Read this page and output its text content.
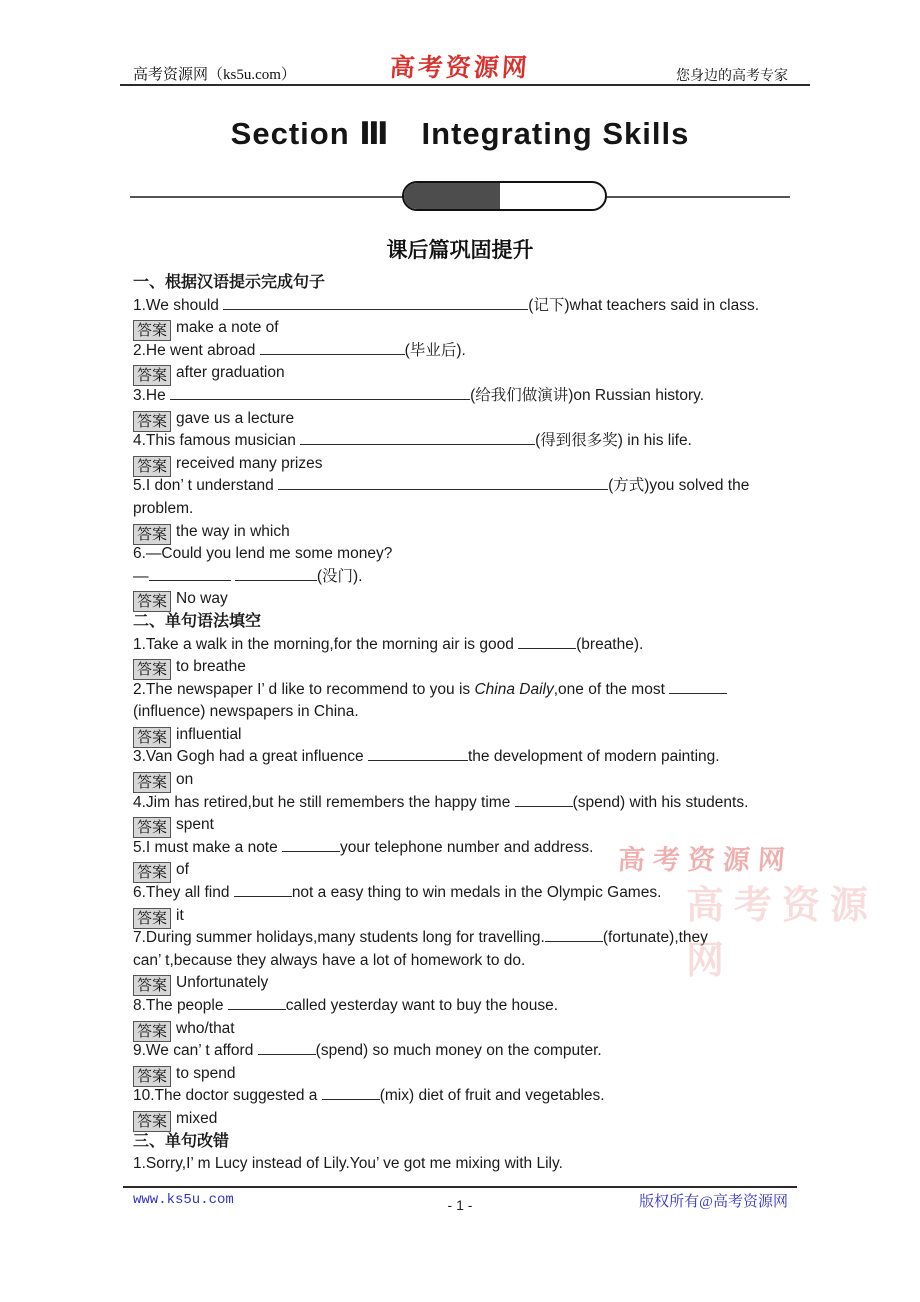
高考资源网（ks5u.com）	高考资源网	您身边的高考专家
Section Ⅲ　Integrating Skills
课后篇巩固提升
一、根据汉语提示完成句子
1.We should	(记下)what teachers said in class.
答案 make a note of
2.He went abroad	(毕业后).
答案 after graduation
3.He	(给我们做演讲)on Russian history.
答案 gave us a lecture
4.This famous musician	(得到很多奖) in his life.
答案 received many prizes
5.I don’ t understand	(方式)you solved the
problem.
答案 the way in which
6.—Could you lend me some money?
—	(没门).
答案 No way
二、单句语法填空
1.Take a walk in the morning,for the morning air is good	(breathe).
答案 to breathe
2.The newspaper I’ d like to recommend to you is China Daily,one of the most
(influence) newspapers in China.
答案 influential
3.Van Gogh had a great influence	the development of modern painting.
答案 on
4.Jim has retired,but he still remembers the happy time	(spend) with his students.
答案 spent
5.I must make a note	your telephone number and address.
答案 of
6.They all find	not a easy thing to win medals in the Olympic Games.
答案 it
7.During summer holidays,many students long for travelling.	(fortunate),they
can’ t,because they always have a lot of homework to do.
答案 Unfortunately
8.The people	called yesterday want to buy the house.
答案 who/that
9.We can’ t afford	(spend) so much money on the computer.
答案 to spend
10.The doctor suggested a	(mix) diet of fruit and vegetables.
答案 mixed
三、单句改错
1.Sorry,I’ m Lucy instead of Lily.You’ ve got me mixing with Lily.
高考资源网
高考资源网
www.ks5u.com	- 1 -	版权所有@高考资源网
